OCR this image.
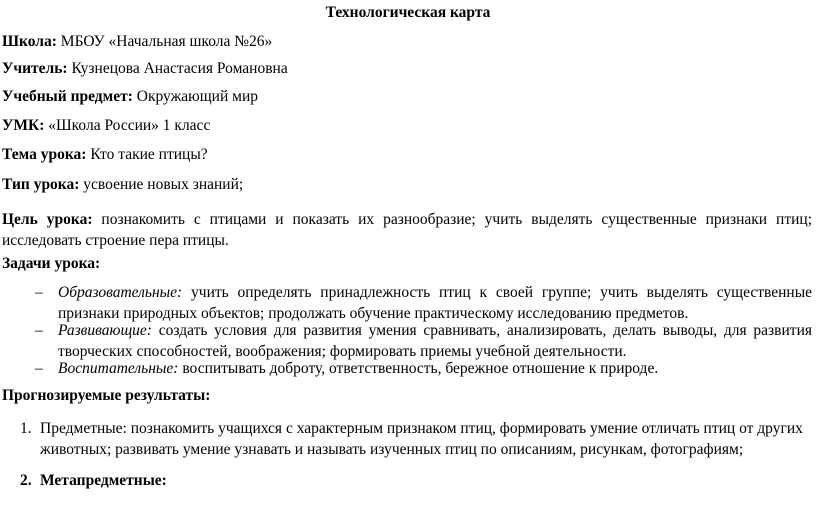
Технологическая карта
Школа: МБОУ «Начальная школа №26»
Учитель: Кузнецова Анастасия Романовна
Учебный предмет: Окружающий мир
УМК: «Школа России» 1 класс
Тема урока: Кто такие птицы?
Тип урока: усвоение новых знаний;
Цель урока: познакомить с птицами и показать их разнообразие; учить выделять существенные признаки птиц; исследовать строение пера птицы.
Задачи урока:
– Образовательные: учить определять принадлежность птиц к своей группе; учить выделять существенные признаки природных объектов; продолжать обучение практическому исследованию предметов.
– Развивающие: создать условия для развития умения сравнивать, анализировать, делать выводы, для развития творческих способностей, воображения; формировать приемы учебной деятельности.
– Воспитательные: воспитывать доброту, ответственность, бережное отношение к природе.
Прогнозируемые результаты:
1. Предметные: познакомить учащихся с характерным признаком птиц, формировать умение отличать птиц от других животных; развивать умение узнавать и называть изученных птиц по описаниям, рисункам, фотографиям;
2. Метапредметные:
